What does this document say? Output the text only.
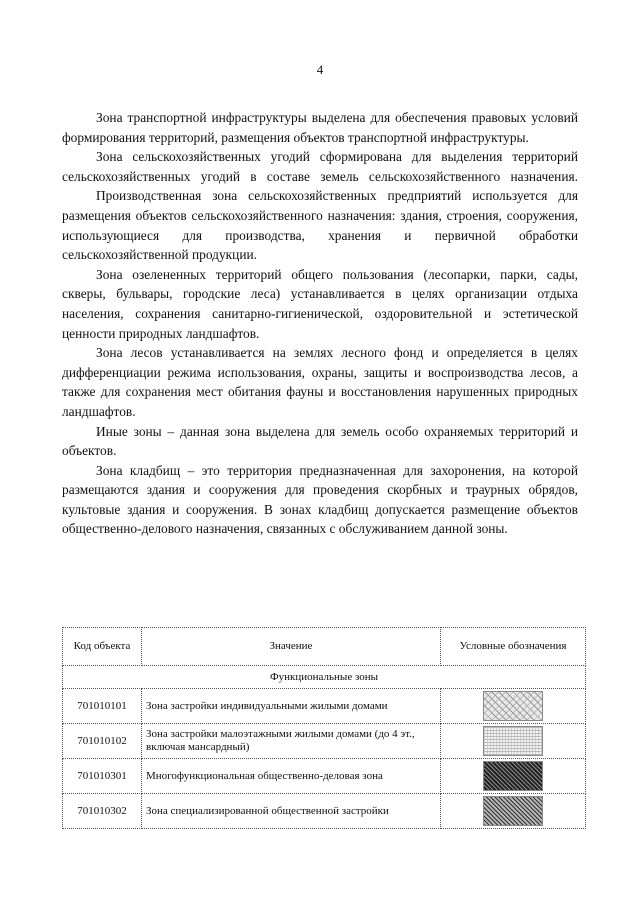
4

Зона транспортной инфраструктуры выделена для обеспечения правовых условий формирования территорий, размещения объектов транспортной инфраструктуры.

Зона сельскохозяйственных угодий сформирована для выделения территорий сельскохозяйственных угодий в составе земель сельскохозяйственного назначения.

Производственная зона сельскохозяйственных предприятий используется для размещения объектов сельскохозяйственного назначения: здания, строения, сооружения, использующиеся для производства, хранения и первичной обработки сельскохозяйственной продукции.

Зона озелененных территорий общего пользования (лесопарки, парки, сады, скверы, бульвары, городские леса) устанавливается в целях организации отдыха населения, сохранения санитарно-гигиенической, оздоровительной и эстетической ценности природных ландшафтов.

Зона лесов устанавливается на землях лесного фонд и определяется в целях дифференциации режима использования, охраны, защиты и воспроизводства лесов, а также для сохранения мест обитания фауны и восстановления нарушенных природных ландшафтов.

Иные зоны – данная зона выделена для земель особо охраняемых территорий и объектов.

Зона кладбищ – это территория предназначенная для захоронения, на которой размещаются здания и сооружения для проведения скорбных и траурных обрядов, культовые здания и сооружения. В зонах кладбищ допускается размещение объектов общественно-делового назначения, связанных с обслуживанием данной зоны.

Код объекта	Значение	Условные обозначения
Функциональные зоны		
701010101	Зона застройки индивидуальными жилыми домами	
701010102	Зона застройки малоэтажными жилыми домами (до 4 эт., включая мансардный)	
701010301	Многофункциональная общественно-деловая зона	
701010302	Зона специализированной общественной застройки	
